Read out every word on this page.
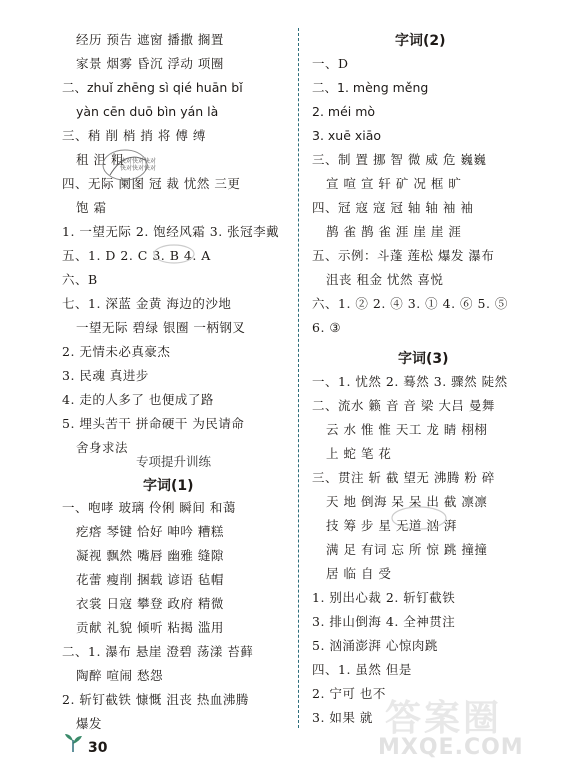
经历 预告 遮窗 播撒 搁置
家景 烟雾 昏沉 浮动 项圈
二、zhuǐ zhēng sì qié huān bǐ
yàn cēn duō bìn yán là
三、稍 削 梢 捎 将 傅 缚
租 沮 粗
四、无际 阑图 冠 裁 忧然 三更
饱 霜
1. 一望无际 2. 饱经风霜 3. 张冠李戴
五、1. D 2. C 3. B 4. A
六、B
七、1. 深蓝 金黄 海边的沙地
一望无际 碧绿 银圈 一柄钢叉
2. 无情未必真豪杰
3. 民魂 真进步
4. 走的人多了 也便成了路
5. 埋头苦干 拼命硬干 为民请命
舍身求法
一、咆哮 玻璃 伶俐 瞬间 和蔼
疙瘩 琴键 恰好 呻吟 糟糕
凝视 飘然 嘴唇 幽雅 缝隙
花蕾 瘦削 捆载 谚语 毡帽
衣裳 日寇 攀登 政府 精微
贡献 礼貌 倾听 粘揭 滥用
二、1. 瀑布 悬崖 澄碧 荡漾 苔藓
陶醉 喧闹 愁怨
2. 斩钉截铁 慷慨 沮丧 热血沸腾
爆发
一、D
二、1. mèng měng
2. méi mò
3. xuē xiāo
三、制 置 挪 智 微 威 危 巍巍
宣 喧 宣 轩 矿 况 框 旷
四、冠 寇 寇 冠 轴 轴 袖 袖
鹊 雀 鹊 雀 涯 崖 崖 涯
五、示例：斗蓬 莲松 爆发 瀑布
沮丧 租金 忧然 喜悦
六、1. ② 2. ④ 3. ① 4. ⑥ 5. ⑤
6. ③
一、1. 忧然 2. 蓦然 3. 骤然 陡然
二、流水 籁 音 音 梁 大吕 曼舞
云 水 惟 惟 天工 龙 睛 栩栩
上 蛇 笔 花
三、贯注 斩 截 望无 沸腾 粉 碎
天 地 倒海 呆 呆 出 截 凛凛
技 筹 步 星 无道 汹 湃
满 足 有词 忘 所 惊 跳 撞撞
居 临 自 受
1. 别出心裁 2. 斩钉截铁
3. 排山倒海 4. 全神贯注
5. 汹涌澎湃 心惊肉跳
四、1. 虽然 但是
2. 宁可 也不
3. 如果 就
专项提升训练
字词(1)
字词(2)
字词(3)
快对快对快对
快对快对快对
答案圈
MXQE.COM
30
